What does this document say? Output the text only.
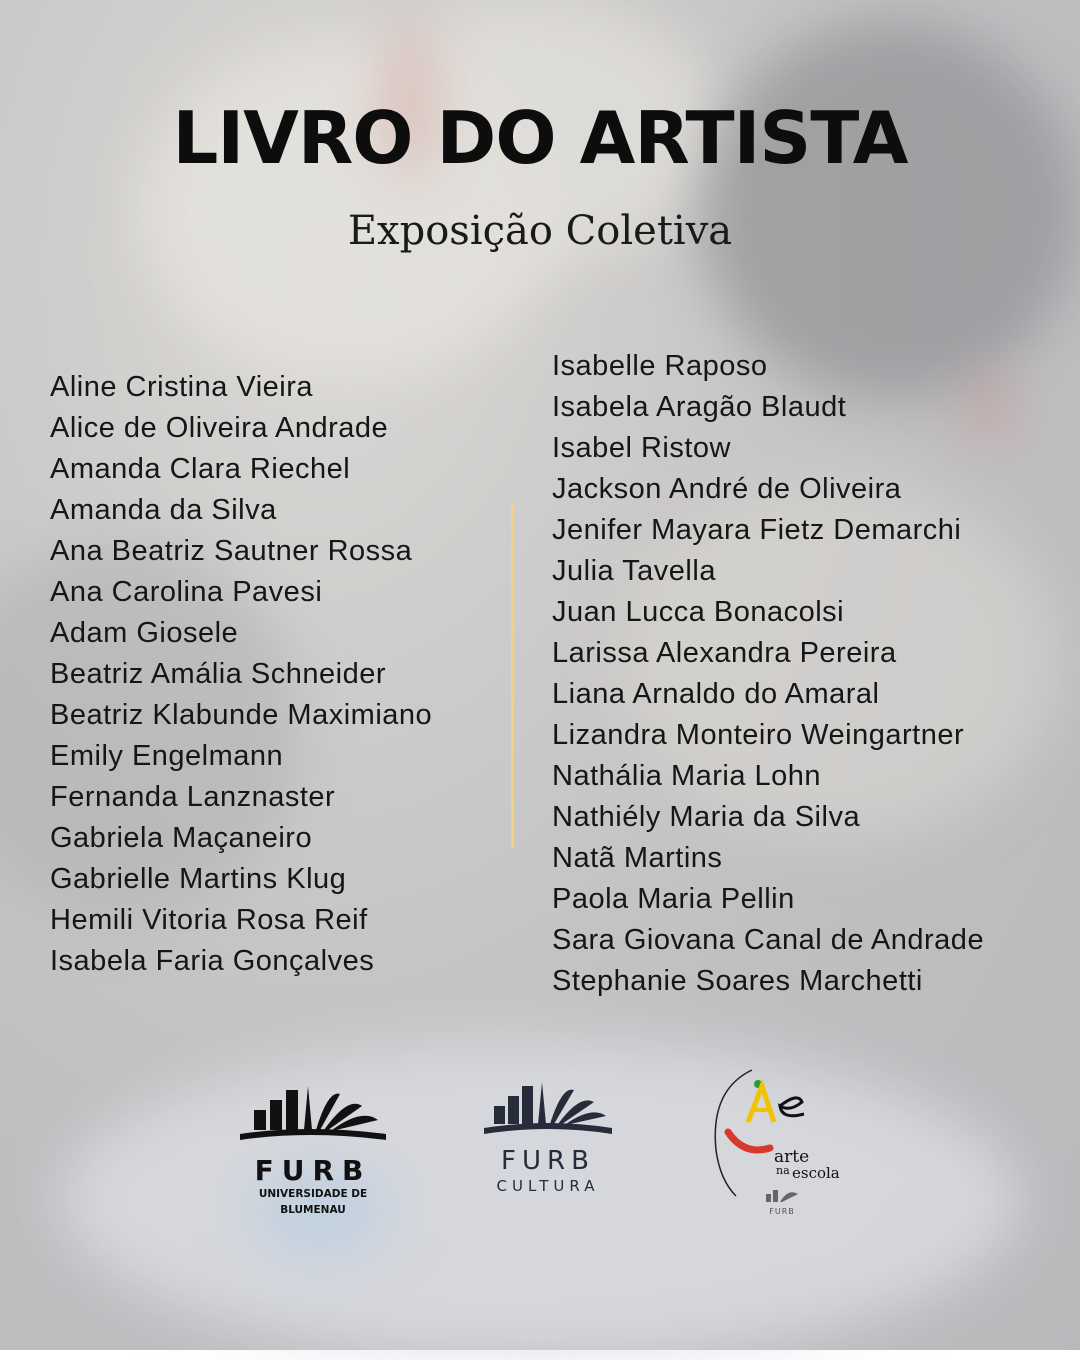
LIVRO DO ARTISTA
Exposição Coletiva
Aline Cristina Vieira
Alice de Oliveira Andrade
Amanda Clara Riechel
Amanda da Silva
Ana Beatriz Sautner Rossa
Ana Carolina Pavesi
Adam Giosele
Beatriz Amália Schneider
Beatriz Klabunde Maximiano
Emily Engelmann
Fernanda Lanznaster
Gabriela Maçaneiro
Gabrielle Martins Klug
Hemili Vitoria Rosa Reif
Isabela Faria Gonçalves
Isabelle Raposo
Isabela Aragão Blaudt
Isabel Ristow
Jackson André de Oliveira
Jenifer Mayara Fietz Demarchi
Julia Tavella
Juan Lucca Bonacolsi
Larissa Alexandra Pereira
Liana Arnaldo do Amaral
Lizandra Monteiro Weingartner
Nathália Maria Lohn
Nathiély Maria da Silva
Natã Martins
Paola Maria Pellin
Sara Giovana Canal de Andrade
Stephanie Soares Marchetti
FURB
UNIVERSIDADE DE BLUMENAU
FURB
CULTURA
arte
na escola
FURB
